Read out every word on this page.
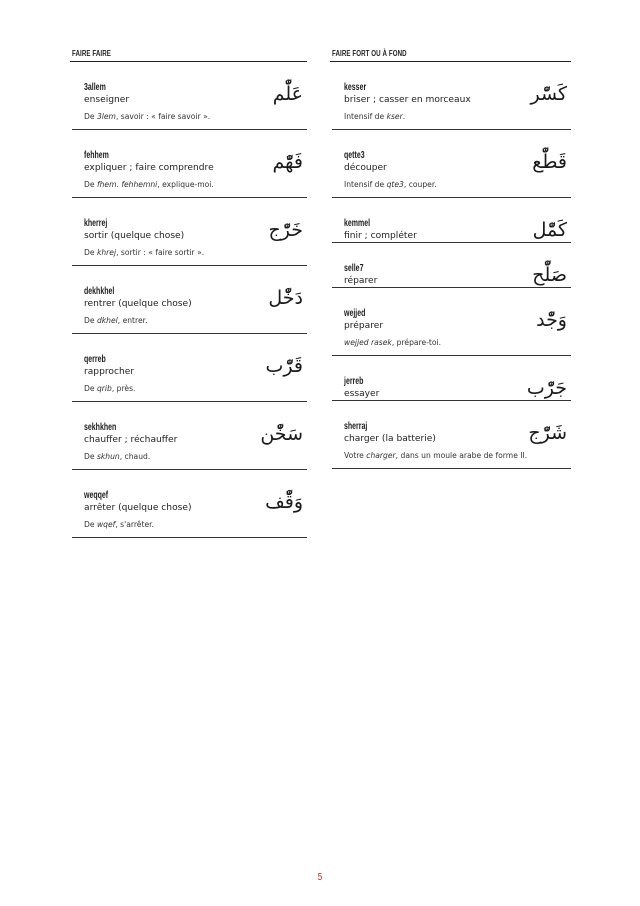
FAIRE FAIRE
3allem
enseigner
De 3lem, savoir : « faire savoir ».
عَلّْم
fehhem
expliquer ; faire comprendre
De fhem. fehhemni, explique-moi.
فَهّْم
kherrej
sortir (quelque chose)
De khrej, sortir : « faire sortir ».
خَرّْج
dekhkhel
rentrer (quelque chose)
De dkhel, entrer.
دَخّْل
qerreb
rapprocher
De qrib, près.
قَرّْب
sekhkhen
chauffer ; réchauffer
De skhun, chaud.
سَخّْن
weqqef
arrêter (quelque chose)
De wqef, s'arrêter.
وَقّْف
FAIRE FORT OU À FOND
kesser
briser ; casser en morceaux
Intensif de kser.
كَسّْر
qette3
découper
Intensif de qte3, couper.
قَطّْع
kemmel
finir ; compléter	كَمّْل
selle7
réparer	صَلّْح
wejjed
préparer
wejjed rasek, prépare-toi.
وَجّْد
jerreb
essayer	جَرّْب
sherraj
charger (la batterie)
Votre charger, dans un moule arabe de forme II.
شَرّْج
5
